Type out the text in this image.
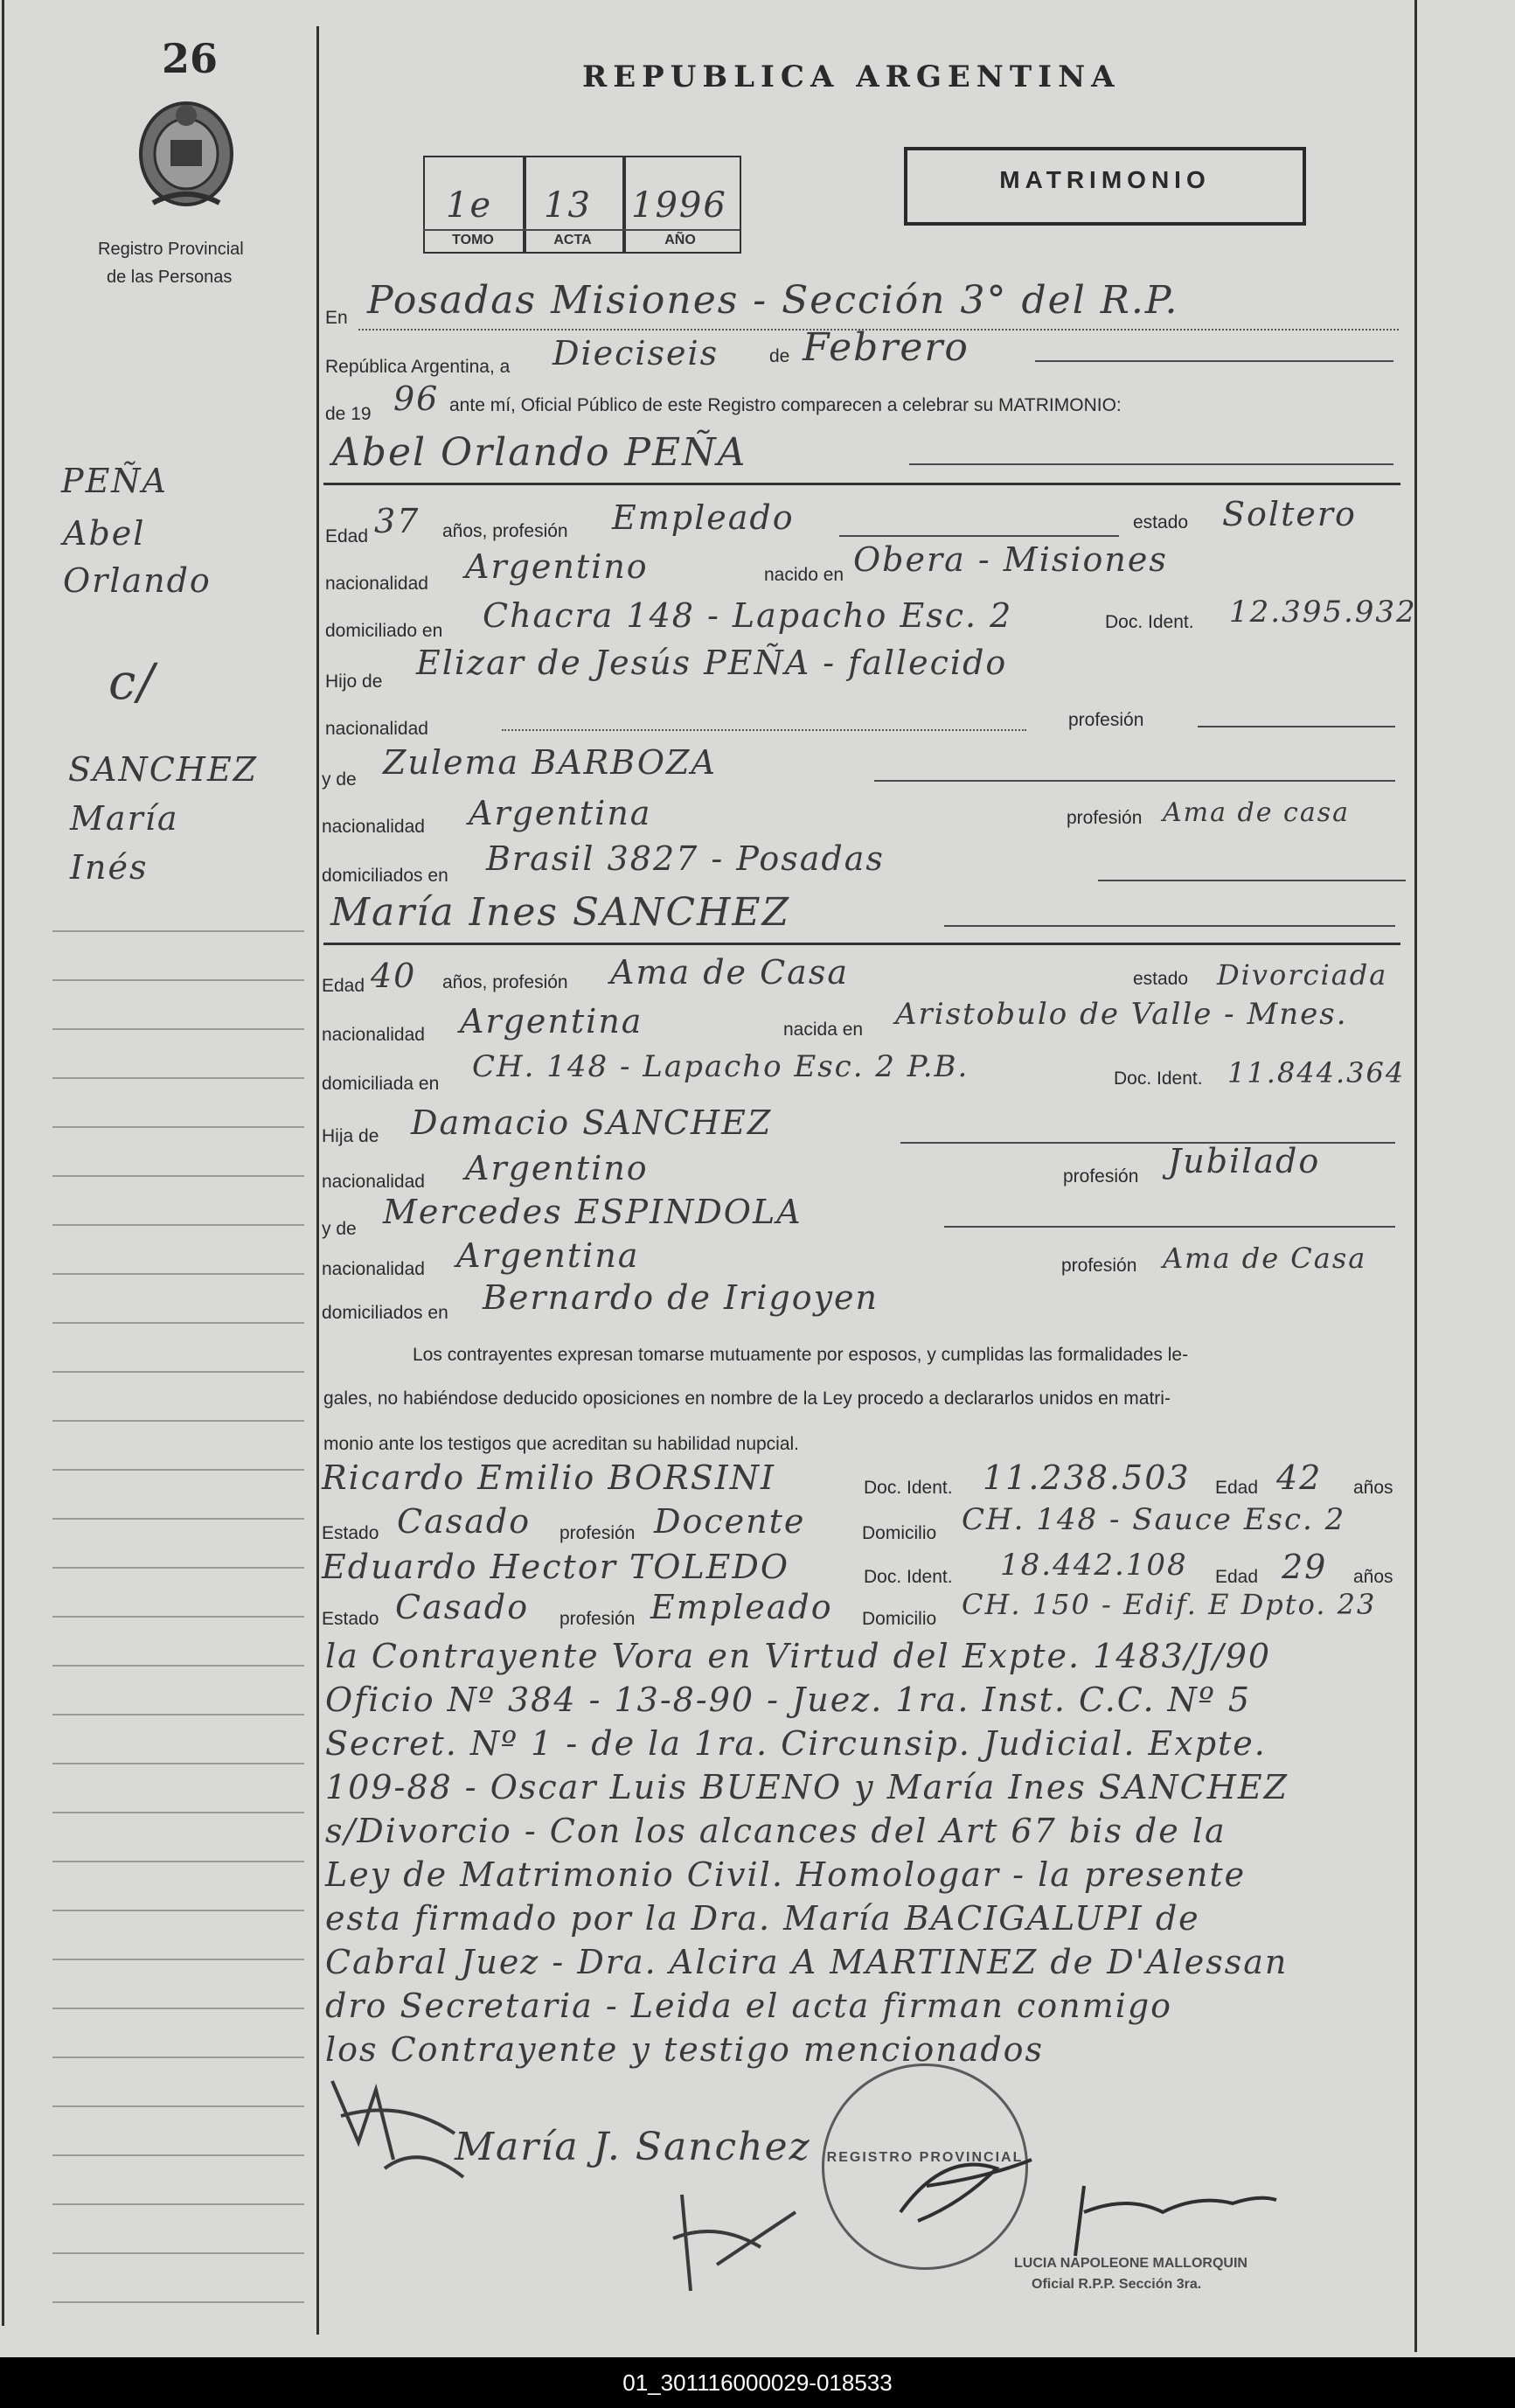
26
Registro Provincial
de las Personas
REPUBLICA ARGENTINA
1e 13 1996
TOMO	ACTA	AÑO
MATRIMONIO
En Posadas Misiones - Sección 3° del R.P.
República Argentina, a Dieciseis	de Febrero
de 19 96 ante mí, Oficial Público de este Registro comparecen a celebrar su MATRIMONIO:
Abel Orlando PEÑA
PEÑA
Edad 37 años, profesión Empleado	estado Soltero
Abel
nacionalidad Argentino	nacido en Obera - Misiones
Orlando
domiciliado en Chacra 148 - Lapacho Esc. 2	Doc. Ident. 12.395.932
Hijo de Elizar de Jesús PEÑA - fallecido
c/
nacionalidad	profesión
y de Zulema BARBOZA
SANCHEZ
nacionalidad Argentina	profesión Ama de casa
María
domiciliados en Brasil 3827 - Posadas
Inés
María Ines SANCHEZ
Edad 40 años, profesión Ama de Casa	estado Divorciada
nacionalidad Argentina	nacida en Aristobulo de Valle - Mnes.
domiciliada en CH. 148 - Lapacho Esc. 2 P.B.	Doc. Ident. 11.844.364
Hija de Damacio SANCHEZ
nacionalidad Argentino	profesión Jubilado
y de Mercedes ESPINDOLA
nacionalidad Argentina	profesión Ama de Casa
domiciliados en Bernardo de Irigoyen
Los contrayentes expresan tomarse mutuamente por esposos, y cumplidas las formalidades le-
gales, no habiéndose deducido oposiciones en nombre de la Ley procedo a declararlos unidos en matri-
monio ante los testigos que acreditan su habilidad nupcial.
Ricardo Emilio BORSINI	Doc. Ident. 11.238.503 Edad 42 años
Estado Casado profesión Docente	Domicilio CH. 148 - Sauce Esc. 2
Eduardo Hector TOLEDO	Doc. Ident. 18.442.108 Edad 29 años
Estado Casado profesión Empleado Domicilio CH. 150 - Edif. E Dpto. 23
la Contrayente Vora en Virtud del Expte. 1483/J/90
Oficio Nº 384 - 13-8-90 - Juez. 1ra. Inst. C.C. Nº 5
Secret. Nº 1 - de la 1ra. Circunsip. Judicial. Expte.
109-88 - Oscar Luis BUENO y María Ines SANCHEZ
s/Divorcio - Con los alcances del Art 67 bis de la
Ley de Matrimonio Civil. Homologar - la presente
esta firmado por la Dra. María BACIGALUPI de
Cabral Juez - Dra. Alcira A MARTINEZ de D'Alessan
dro Secretaria - Leida el acta firman conmigo
los Contrayente y testigo mencionados
María J. Sanchez REGISTRO PROVINCIAL
LUCIA NAPOLEONE MALLORQUIN
Oficial R.P.P. Sección 3ra.
01_301116000029-018533
